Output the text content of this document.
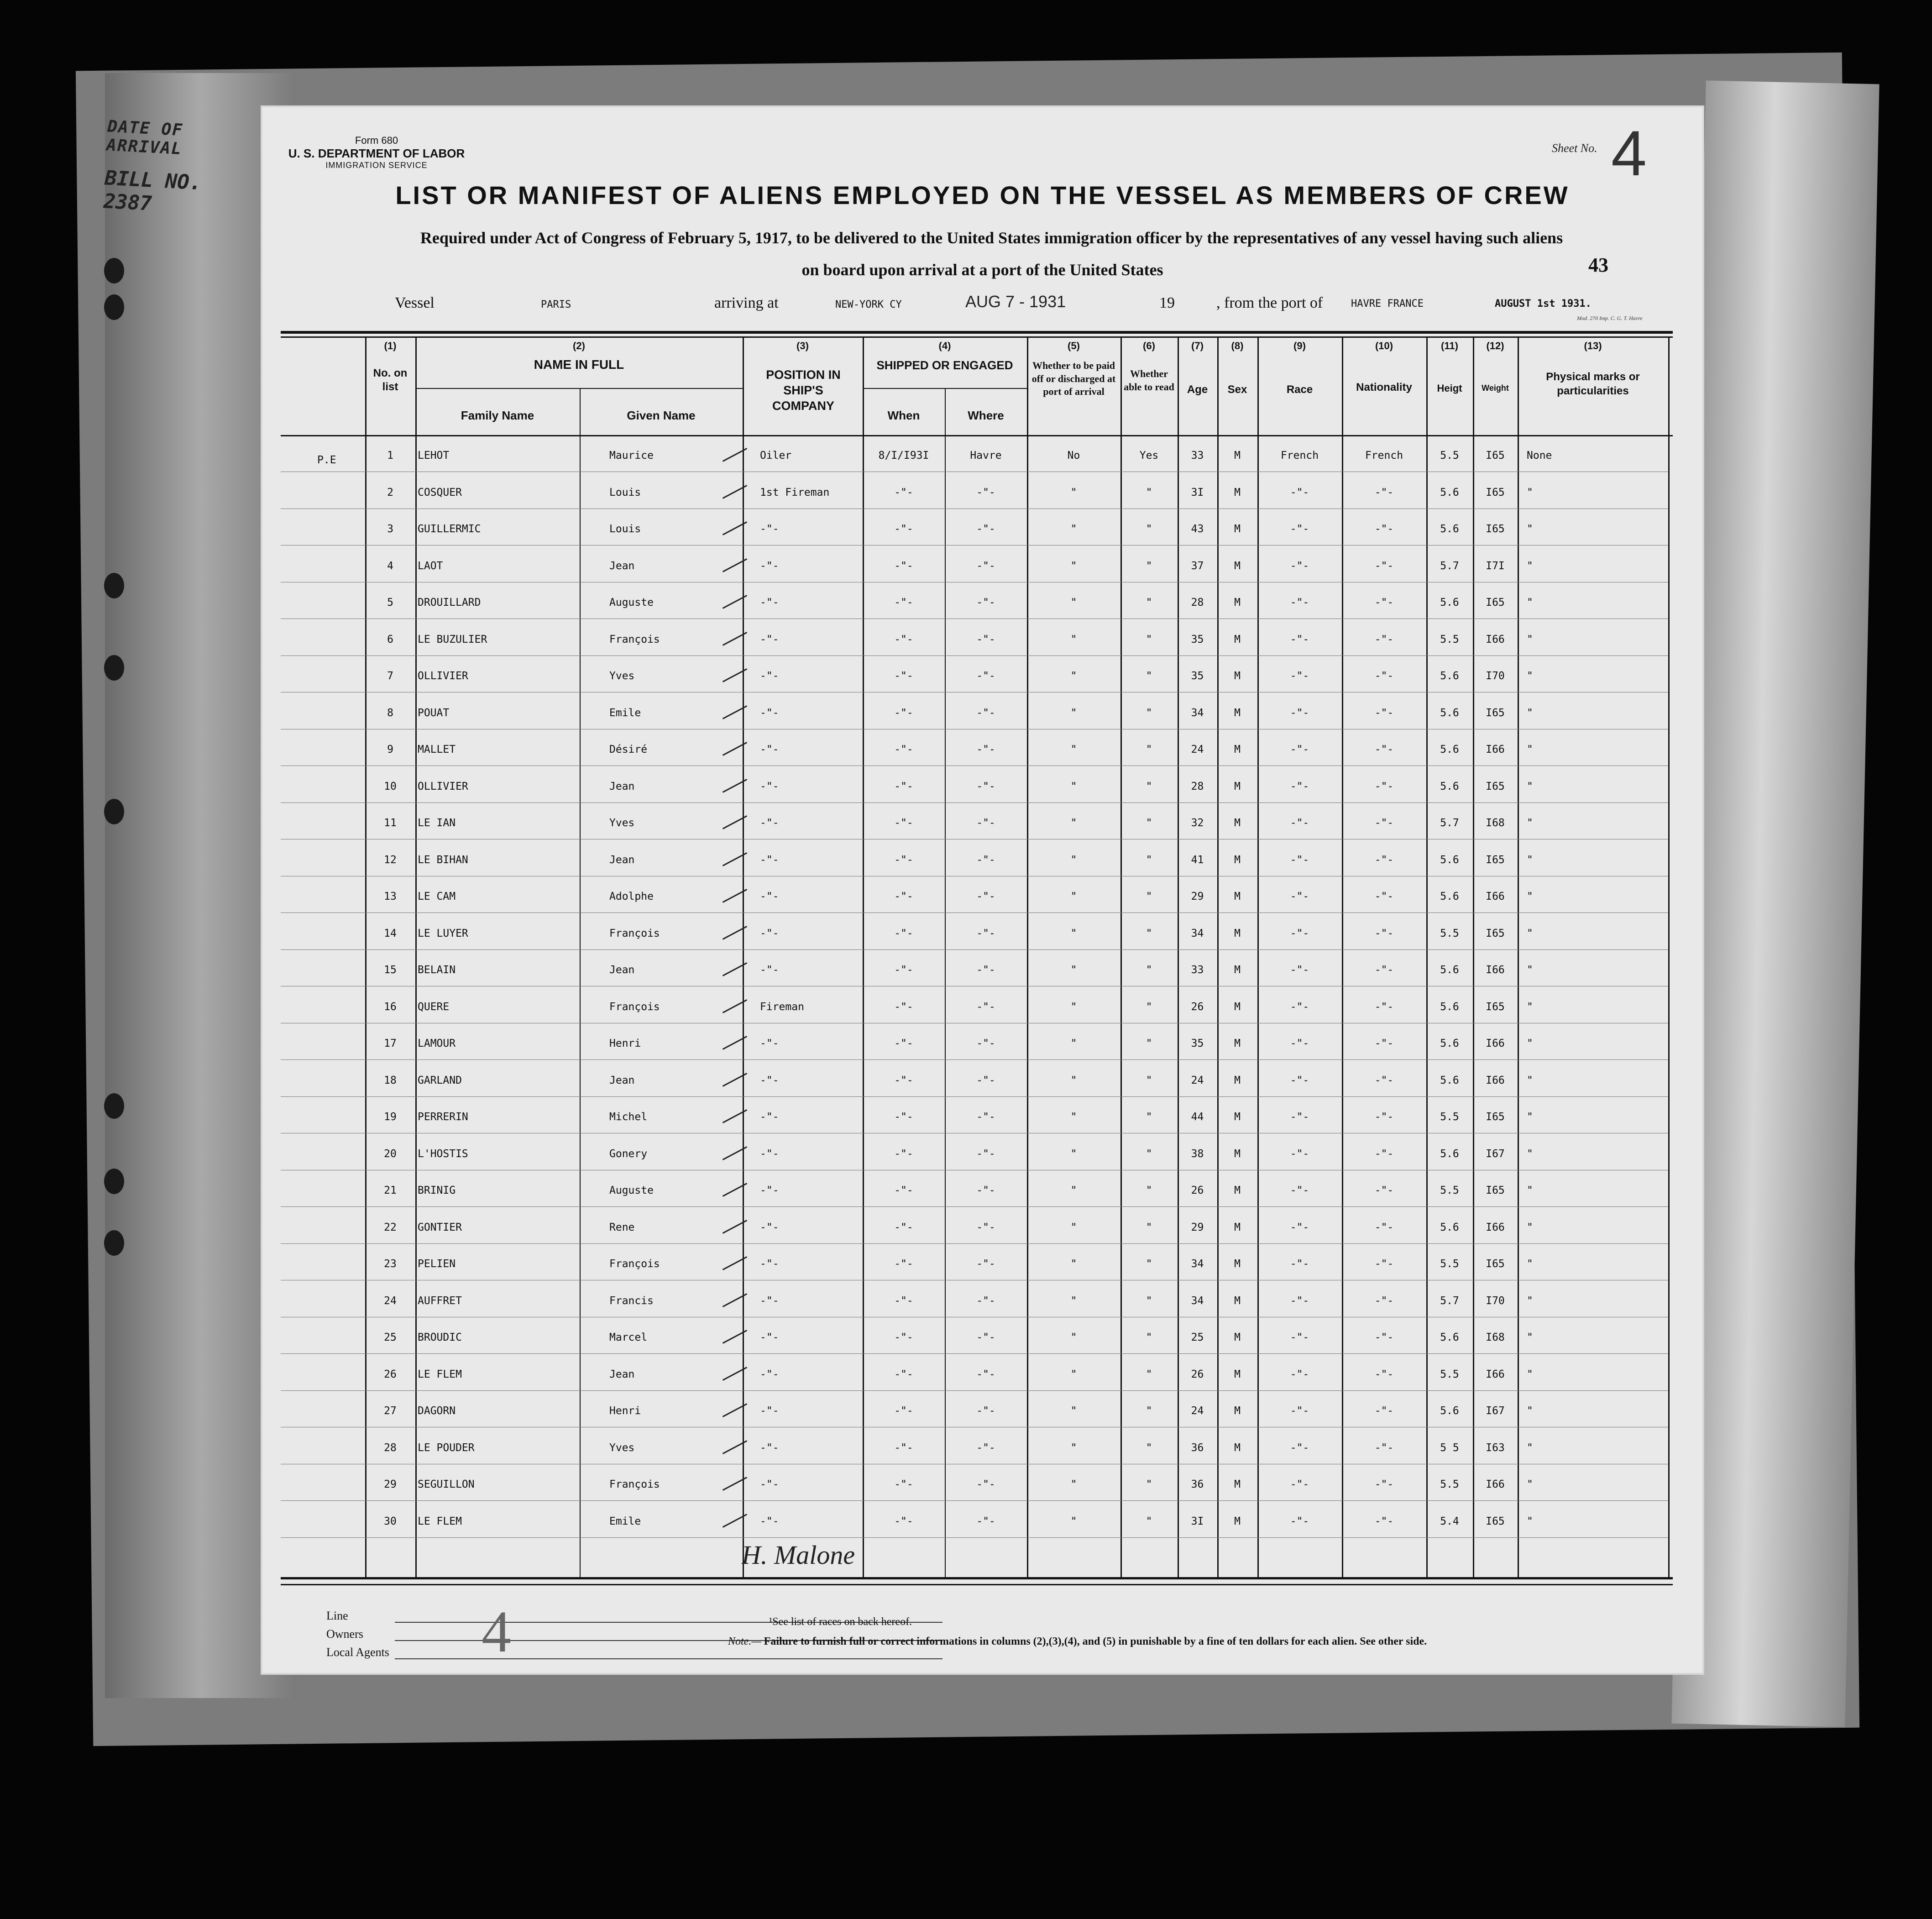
DATE OF ARRIVAL
BILL NO. 2387
Form 680
U. S. DEPARTMENT OF LABOR
IMMIGRATION SERVICE
Sheet No. 4
LIST OR MANIFEST OF ALIENS EMPLOYED ON THE VESSEL AS MEMBERS OF CREW
Required under Act of Congress of February 5, 1917, to be delivered to the United States immigration officer by the representatives of any vessel having such aliens
on board upon arrival at a port of the United States	43
Vessel	PARIS	arriving at	NEW-YORK CY	AUG 7 - 1931	19	, from the port of	HAVRE FRANCE	AUGUST 1st 1931.
Mod. 270 Imp. C. G. T. Havre
(1)
No. on list
(2)
NAME IN FULL
Family Name	Given Name
(3)
POSITION IN SHIP'S COMPANY
(4)
SHIPPED OR ENGAGED
When	Where
(5)
Whether to be paid off or discharged at port of arrival
(6)
Whether able to read
(7)
Age
(8)
Sex
(9)
Race
(10)
Nationality
(11)
Heigt
(12)
Weight
(13)
Physical marks or particularities
P.E	1	LEHOT	Maurice	Oiler	8/I/I93I	Havre	No	Yes	33	M	French	French	5.5	I65	None
2	COSQUER	Louis	1st Fireman	-"-	-"-	"	"	3I	M	-"-	-"-	5.6	I65	"
3	GUILLERMIC	Louis	-"-	-"-	-"-	"	"	43	M	-"-	-"-	5.6	I65	"
4	LAOT	Jean	-"-	-"-	-"-	"	"	37	M	-"-	-"-	5.7	I7I	"
5	DROUILLARD	Auguste	-"-	-"-	-"-	"	"	28	M	-"-	-"-	5.6	I65	"
6	LE BUZULIER	François	-"-	-"-	-"-	"	"	35	M	-"-	-"-	5.5	I66	"
7	OLLIVIER	Yves	-"-	-"-	-"-	"	"	35	M	-"-	-"-	5.6	I70	"
8	POUAT	Emile	-"-	-"-	-"-	"	"	34	M	-"-	-"-	5.6	I65	"
9	MALLET	Désiré	-"-	-"-	-"-	"	"	24	M	-"-	-"-	5.6	I66	"
10	OLLIVIER	Jean	-"-	-"-	-"-	"	"	28	M	-"-	-"-	5.6	I65	"
11	LE IAN	Yves	-"-	-"-	-"-	"	"	32	M	-"-	-"-	5.7	I68	"
12	LE BIHAN	Jean	-"-	-"-	-"-	"	"	41	M	-"-	-"-	5.6	I65	"
13	LE CAM	Adolphe	-"-	-"-	-"-	"	"	29	M	-"-	-"-	5.6	I66	"
14	LE LUYER	François	-"-	-"-	-"-	"	"	34	M	-"-	-"-	5.5	I65	"
15	BELAIN	Jean	-"-	-"-	-"-	"	"	33	M	-"-	-"-	5.6	I66	"
16	QUERE	François	Fireman	-"-	-"-	"	"	26	M	-"-	-"-	5.6	I65	"
17	LAMOUR	Henri	-"-	-"-	-"-	"	"	35	M	-"-	-"-	5.6	I66	"
18	GARLAND	Jean	-"-	-"-	-"-	"	"	24	M	-"-	-"-	5.6	I66	"
19	PERRERIN	Michel	-"-	-"-	-"-	"	"	44	M	-"-	-"-	5.5	I65	"
20	L'HOSTIS	Gonery	-"-	-"-	-"-	"	"	38	M	-"-	-"-	5.6	I67	"
21	BRINIG	Auguste	-"-	-"-	-"-	"	"	26	M	-"-	-"-	5.5	I65	"
22	GONTIER	Rene	-"-	-"-	-"-	"	"	29	M	-"-	-"-	5.6	I66	"
23	PELIEN	François	-"-	-"-	-"-	"	"	34	M	-"-	-"-	5.5	I65	"
24	AUFFRET	Francis	-"-	-"-	-"-	"	"	34	M	-"-	-"-	5.7	I70	"
25	BROUDIC	Marcel	-"-	-"-	-"-	"	"	25	M	-"-	-"-	5.6	I68	"
26	LE FLEM	Jean	-"-	-"-	-"-	"	"	26	M	-"-	-"-	5.5	I66	"
27	DAGORN	Henri	-"-	-"-	-"-	"	"	24	M	-"-	-"-	5.6	I67	"
28	LE POUDER	Yves	-"-	-"-	-"-	"	"	36	M	-"-	-"-	5 5	I63	"
29	SEGUILLON	François	-"-	-"-	-"-	"	"	36	M	-"-	-"-	5.5	I66	"
30	LE FLEM	Emile	-"-	-"-	-"-	"	"	3I	M	-"-	-"-	5.4	I65	"
H. Malone
Line
Owners
Local Agents 4	¹See list of races on back hereof.
Note.— Failure to furnish full or correct informations in columns (2),(3),(4), and (5) in punishable by a fine of ten dollars for each alien. See other side.
